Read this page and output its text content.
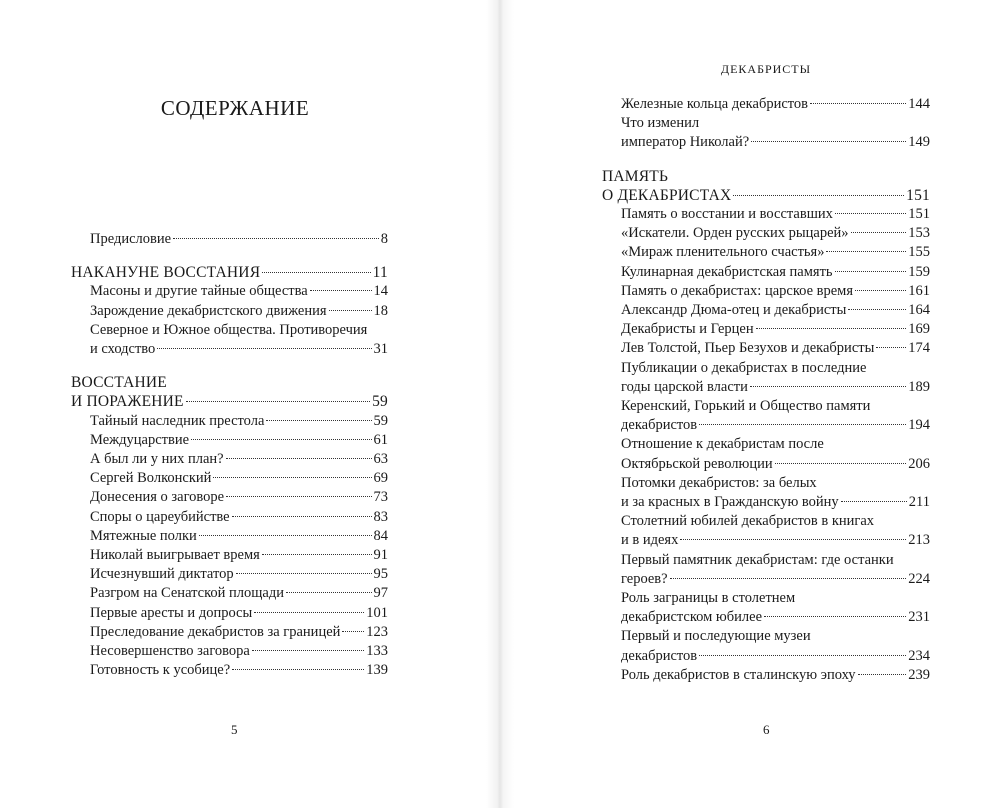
СОДЕРЖАНИЕ
Предисловие	8
НАКАНУНЕ ВОССТАНИЯ	11
Масоны и другие тайные общества	14
Зарождение декабристского движения	18
Северное и Южное общества. Противоречия
и сходство	31
ВОССТАНИЕ
И ПОРАЖЕНИЕ	59
Тайный наследник престола	59
Междуцарствие	61
А был ли у них план?	63
Сергей Волконский	69
Донесения о заговоре	73
Споры о цареубийстве	83
Мятежные полки	84
Николай выигрывает время	91
Исчезнувший диктатор	95
Разгром на Сенатской площади	97
Первые аресты и допросы	101
Преследование декабристов за границей 123
Несовершенство заговора	133
Готовность к усобице?	139
5
ДЕКАБРИСТЫ
Железные кольца декабристов	144
Что изменил
император Николай?	149
ПАМЯТЬ
О ДЕКАБРИСТАХ	151
Память о восстании и восставших	151
«Искатели. Орден русских рыцарей»	153
«Мираж пленительного счастья»	155
Кулинарная декабристская память	159
Память о декабристах: царское время	161
Александр Дюма-отец и декабристы	164
Декабристы и Герцен	169
Лев Толстой, Пьер Безухов и декабристы 174
Публикации о декабристах в последние
годы царской власти	189
Керенский, Горький и Общество памяти
декабристов	194
Отношение к декабристам после
Октябрьской революции	206
Потомки декабристов: за белых
и за красных в Гражданскую войну	211
Столетний юбилей декабристов в книгах
и в идеях	213
Первый памятник декабристам: где останки
героев?	224
Роль заграницы в столетнем
декабристском юбилее	231
Первый и последующие музеи
декабристов	234
Роль декабристов в сталинскую эпоху	239
6
